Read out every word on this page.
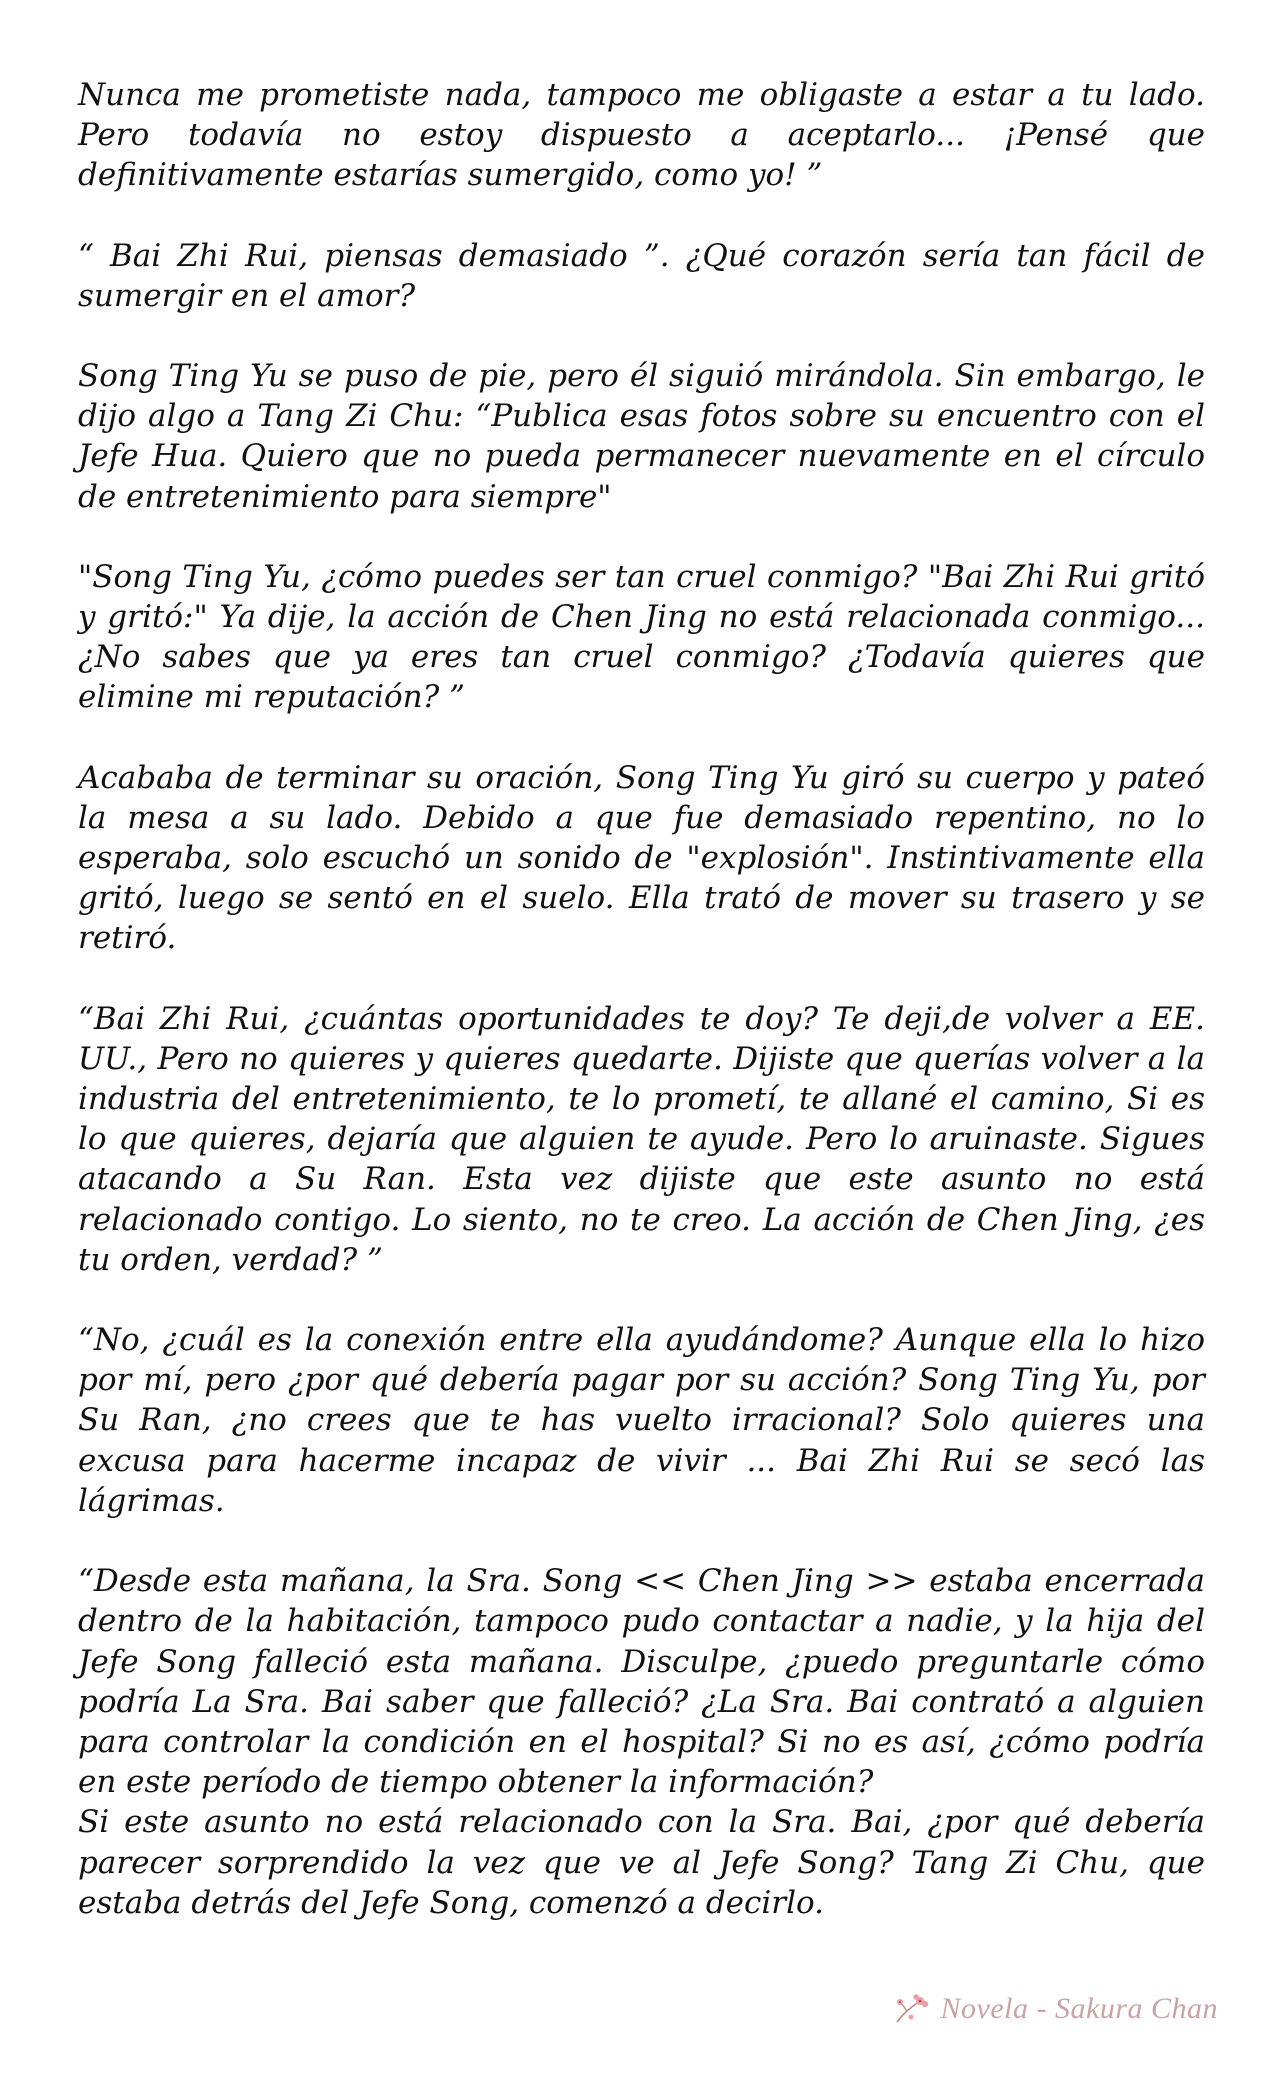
Nunca me prometiste nada, tampoco me obligaste a estar a tu lado. Pero todavía no estoy dispuesto a aceptarlo... ¡Pensé que definitivamente estarías sumergido, como yo! ”

“ Bai Zhi Rui, piensas demasiado ”. ¿Qué corazón sería tan fácil de sumergir en el amor?

Song Ting Yu se puso de pie, pero él siguió mirándola. Sin embargo, le dijo algo a Tang Zi Chu: “Publica esas fotos sobre su encuentro con el Jefe Hua. Quiero que no pueda permanecer nuevamente en el círculo de entretenimiento para siempre"

"Song Ting Yu, ¿cómo puedes ser tan cruel conmigo? "Bai Zhi Rui gritó y gritó:" Ya dije, la acción de Chen Jing no está relacionada conmigo... ¿No sabes que ya eres tan cruel conmigo? ¿Todavía quieres que elimine mi reputación? ”

Acababa de terminar su oración, Song Ting Yu giró su cuerpo y pateó la mesa a su lado. Debido a que fue demasiado repentino, no lo esperaba, solo escuchó un sonido de "explosión". Instintivamente ella gritó, luego se sentó en el suelo. Ella trató de mover su trasero y se retiró.

“Bai Zhi Rui, ¿cuántas oportunidades te doy? Te deji,de volver a EE. UU., Pero no quieres y quieres quedarte. Dijiste que querías volver a la industria del entretenimiento, te lo prometí, te allané el camino, Si es lo que quieres, dejaría que alguien te ayude. Pero lo aruinaste. Sigues atacando a Su Ran. Esta vez dijiste que este asunto no está relacionado contigo. Lo siento, no te creo. La acción de Chen Jing, ¿es tu orden, verdad? ”

“No, ¿cuál es la conexión entre ella ayudándome? Aunque ella lo hizo por mí, pero ¿por qué debería pagar por su acción? Song Ting Yu, por Su Ran, ¿no crees que te has vuelto irracional? Solo quieres una excusa para hacerme incapaz de vivir ... Bai Zhi Rui se secó las lágrimas.

“Desde esta mañana, la Sra. Song << Chen Jing >> estaba encerrada dentro de la habitación, tampoco pudo contactar a nadie, y la hija del Jefe Song falleció esta mañana. Disculpe, ¿puedo preguntarle cómo podría La Sra. Bai saber que falleció? ¿La Sra. Bai contrató a alguien para controlar la condición en el hospital? Si no es así, ¿cómo podría en este período de tiempo obtener la información?

Si este asunto no está relacionado con la Sra. Bai, ¿por qué debería parecer sorprendido la vez que ve al Jefe Song? Tang Zi Chu, que estaba detrás del Jefe Song, comenzó a decirlo.

Novela - Sakura Chan
